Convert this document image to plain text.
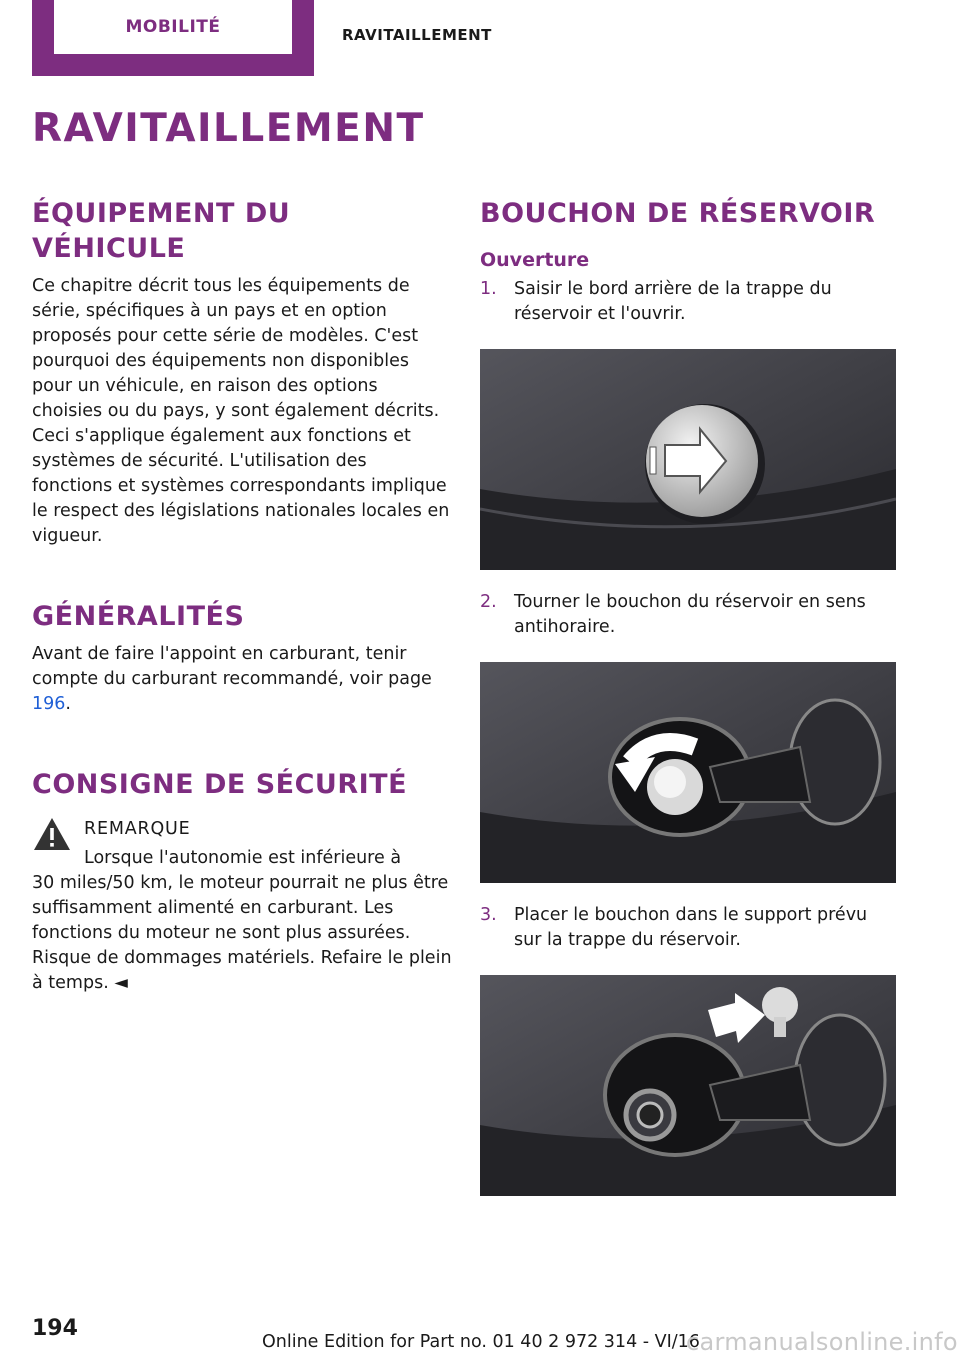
MOBILITÉ	RAVITAILLEMENT
RAVITAILLEMENT
ÉQUIPEMENT DU VÉHICULE

Ce chapitre décrit tous les équipements de série, spécifiques à un pays et en option proposés pour cette série de modèles. C'est pourquoi des équipements non disponibles pour un véhicule, en raison des options choisies ou du pays, y sont également décrits. Ceci s'applique également aux fonctions et systèmes de sécurité. L'utilisation des fonctions et systèmes correspondants implique le respect des législations nationales locales en vigueur.

GÉNÉRALITÉS

Avant de faire l'appoint en carburant, tenir compte du carburant recommandé, voir page 196.

CONSIGNE DE SÉCURITÉ

REMARQUE

Lorsque l'autonomie est inférieure à

30 miles/50 km, le moteur pourrait ne plus être suffisamment alimenté en carburant. Les fonctions du moteur ne sont plus assurées. Risque de dommages matériels. Refaire le plein à temps. ◄

BOUCHON DE RÉSERVOIR
Ouverture
1. Saisir le bord arrière de la trappe du réservoir et l'ouvrir.
2. Tourner le bouchon du réservoir en sens antihoraire.
3. Placer le bouchon dans le support prévu sur la trappe du réservoir.
194
Online Edition for Part no. 01 40 2 972 314 - VI/16
carmanualsonline.info
